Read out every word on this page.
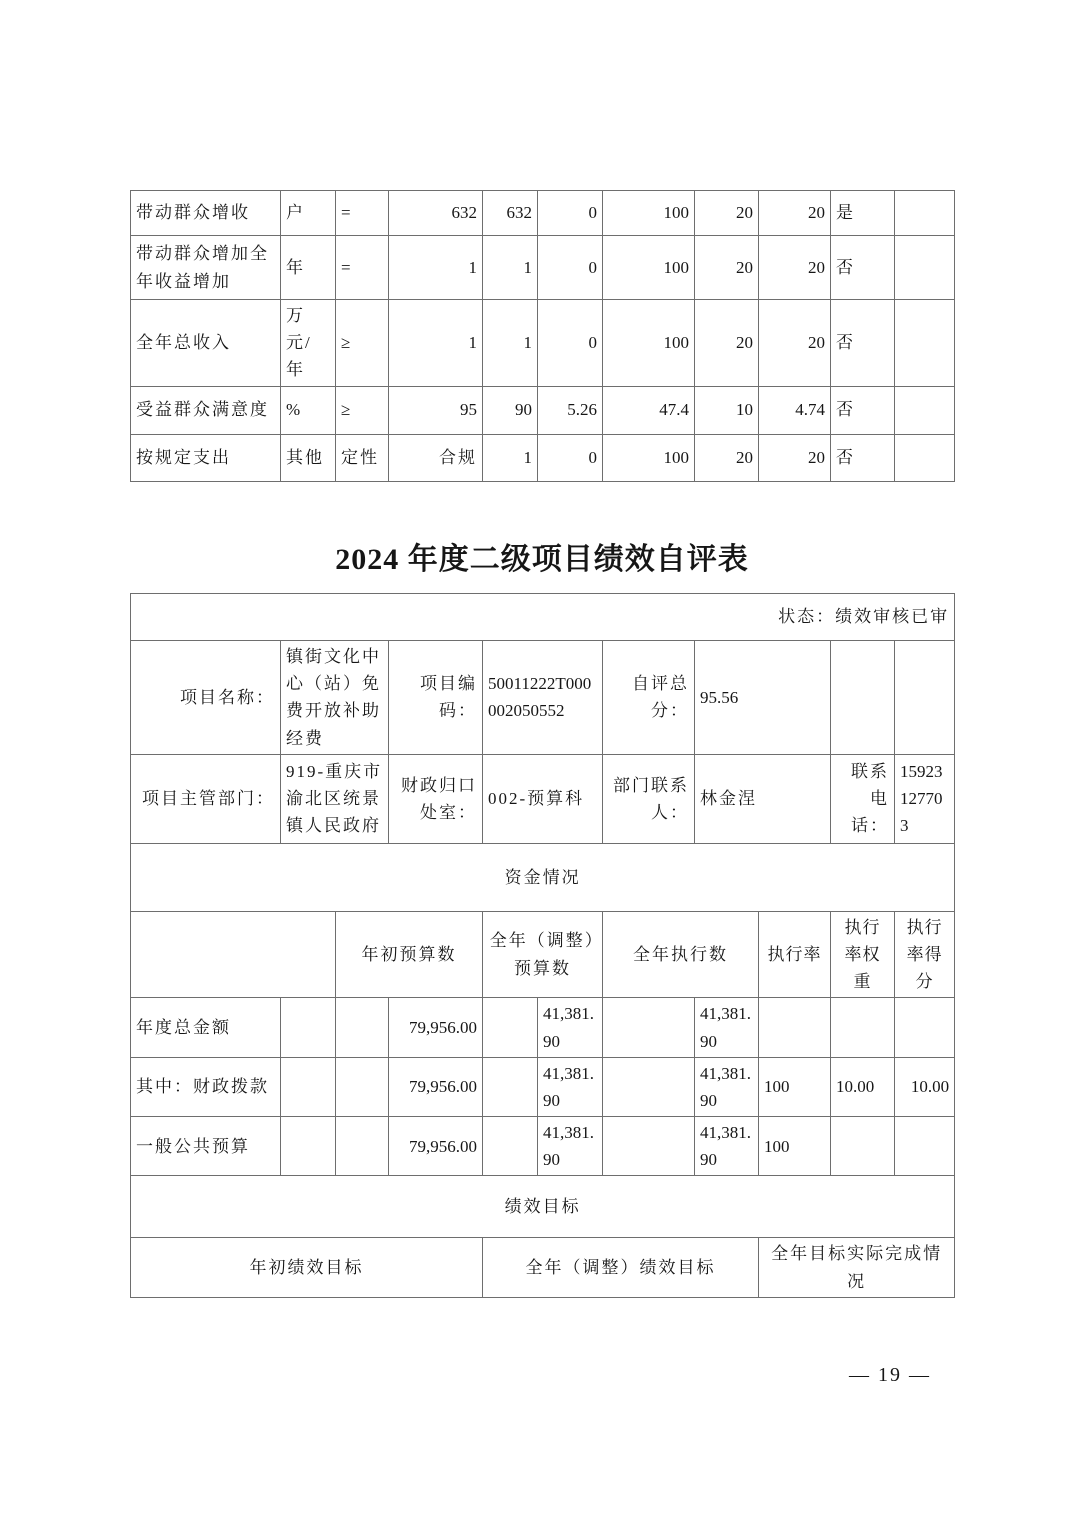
带动群众增收	户	=	632	632	0	100	20	20	是	
带动群众增加全年收益增加	年	=	1	1	0	100	20	20	否	
全年总收入	万元/年	≥	1	1	0	100	20	20	否	
受益群众满意度	%	≥	95	90	5.26	47.4	10	4.74	否	
按规定支出	其他	定性	合规	1	0	100	20	20	否	
2024 年度二级项目绩效自评表
状态：绩效审核已审										
项目名称：	镇街文化中心（站）免费开放补助经费		项目编码：	50011222T000002050552		自评总分：	95.56			
项目主管部门：	919-重庆市渝北区统景镇人民政府		财政归口处室：	002-预算科		部门联系人：	林金涅		联系电话：	15923127703
资金情况										
		年初预算数		全年（调整）预算数		全年执行数		执行率	执行率权重	执行率得分
年度总金额			79,956.00		41,381.90		41,381.90			
其中：财政拨款			79,956.00		41,381.90		41,381.90	100	10.00	10.00
一般公共预算			79,956.00		41,381.90		41,381.90	100		
绩效目标										
年初绩效目标				全年（调整）绩效目标				全年目标实际完成情况		
— 19 —
